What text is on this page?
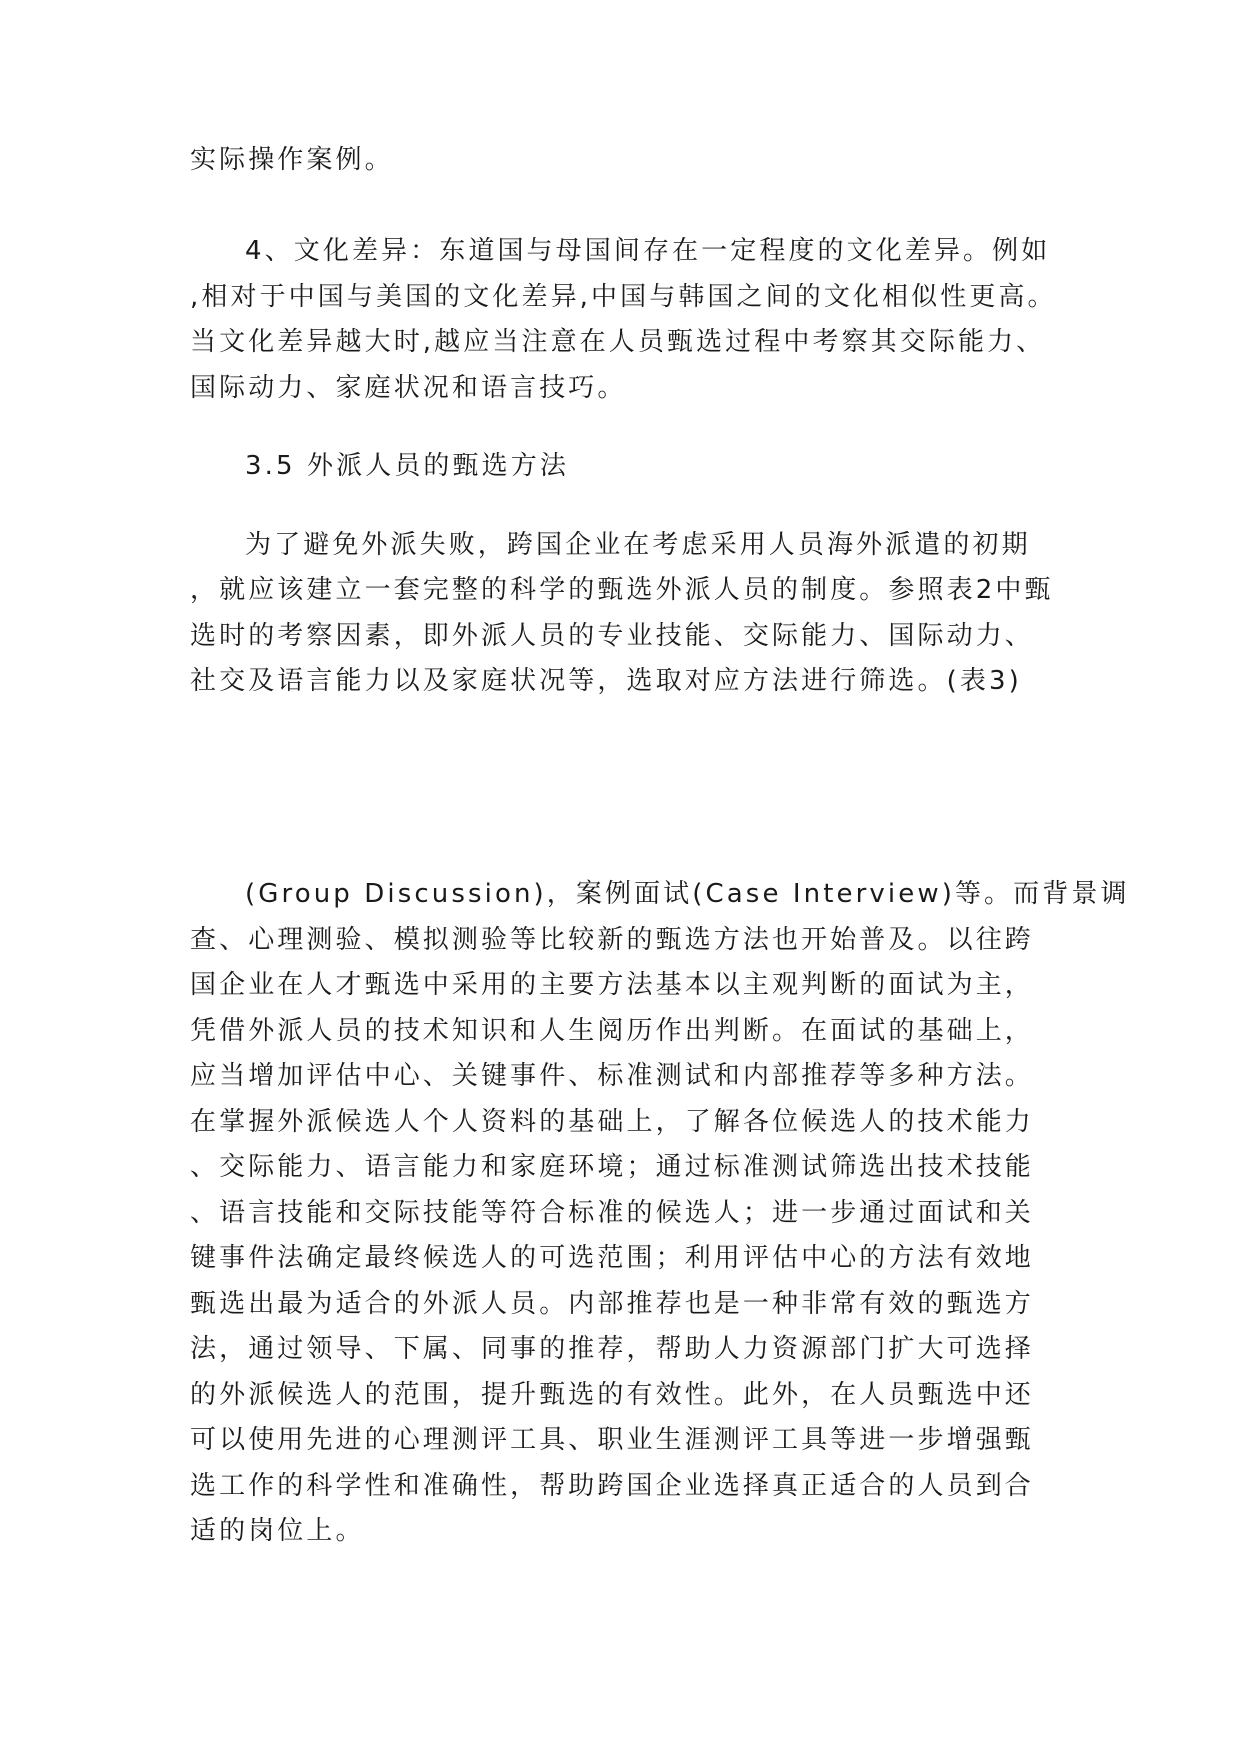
实际操作案例。

4、文化差异：东道国与母国间存在一定程度的文化差异。例如

,相对于中国与美国的文化差异,中国与韩国之间的文化相似性更高。

当文化差异越大时,越应当注意在人员甄选过程中考察其交际能力、

国际动力、家庭状况和语言技巧。

3.5 外派人员的甄选方法

为了避免外派失败，跨国企业在考虑采用人员海外派遣的初期

，就应该建立一套完整的科学的甄选外派人员的制度。参照表2中甄

选时的考察因素，即外派人员的专业技能、交际能力、国际动力、

社交及语言能力以及家庭状况等，选取对应方法进行筛选。(表3)

(Group Discussion)，案例面试(Case Interview)等。而背景调

查、心理测验、模拟测验等比较新的甄选方法也开始普及。以往跨

国企业在人才甄选中采用的主要方法基本以主观判断的面试为主，

凭借外派人员的技术知识和人生阅历作出判断。在面试的基础上，

应当增加评估中心、关键事件、标准测试和内部推荐等多种方法。

在掌握外派候选人个人资料的基础上，了解各位候选人的技术能力

、交际能力、语言能力和家庭环境；通过标准测试筛选出技术技能

、语言技能和交际技能等符合标准的候选人；进一步通过面试和关

键事件法确定最终候选人的可选范围；利用评估中心的方法有效地

甄选出最为适合的外派人员。内部推荐也是一种非常有效的甄选方

法，通过领导、下属、同事的推荐，帮助人力资源部门扩大可选择

的外派候选人的范围，提升甄选的有效性。此外，在人员甄选中还

可以使用先进的心理测评工具、职业生涯测评工具等进一步增强甄

选工作的科学性和准确性，帮助跨国企业选择真正适合的人员到合

适的岗位上。
